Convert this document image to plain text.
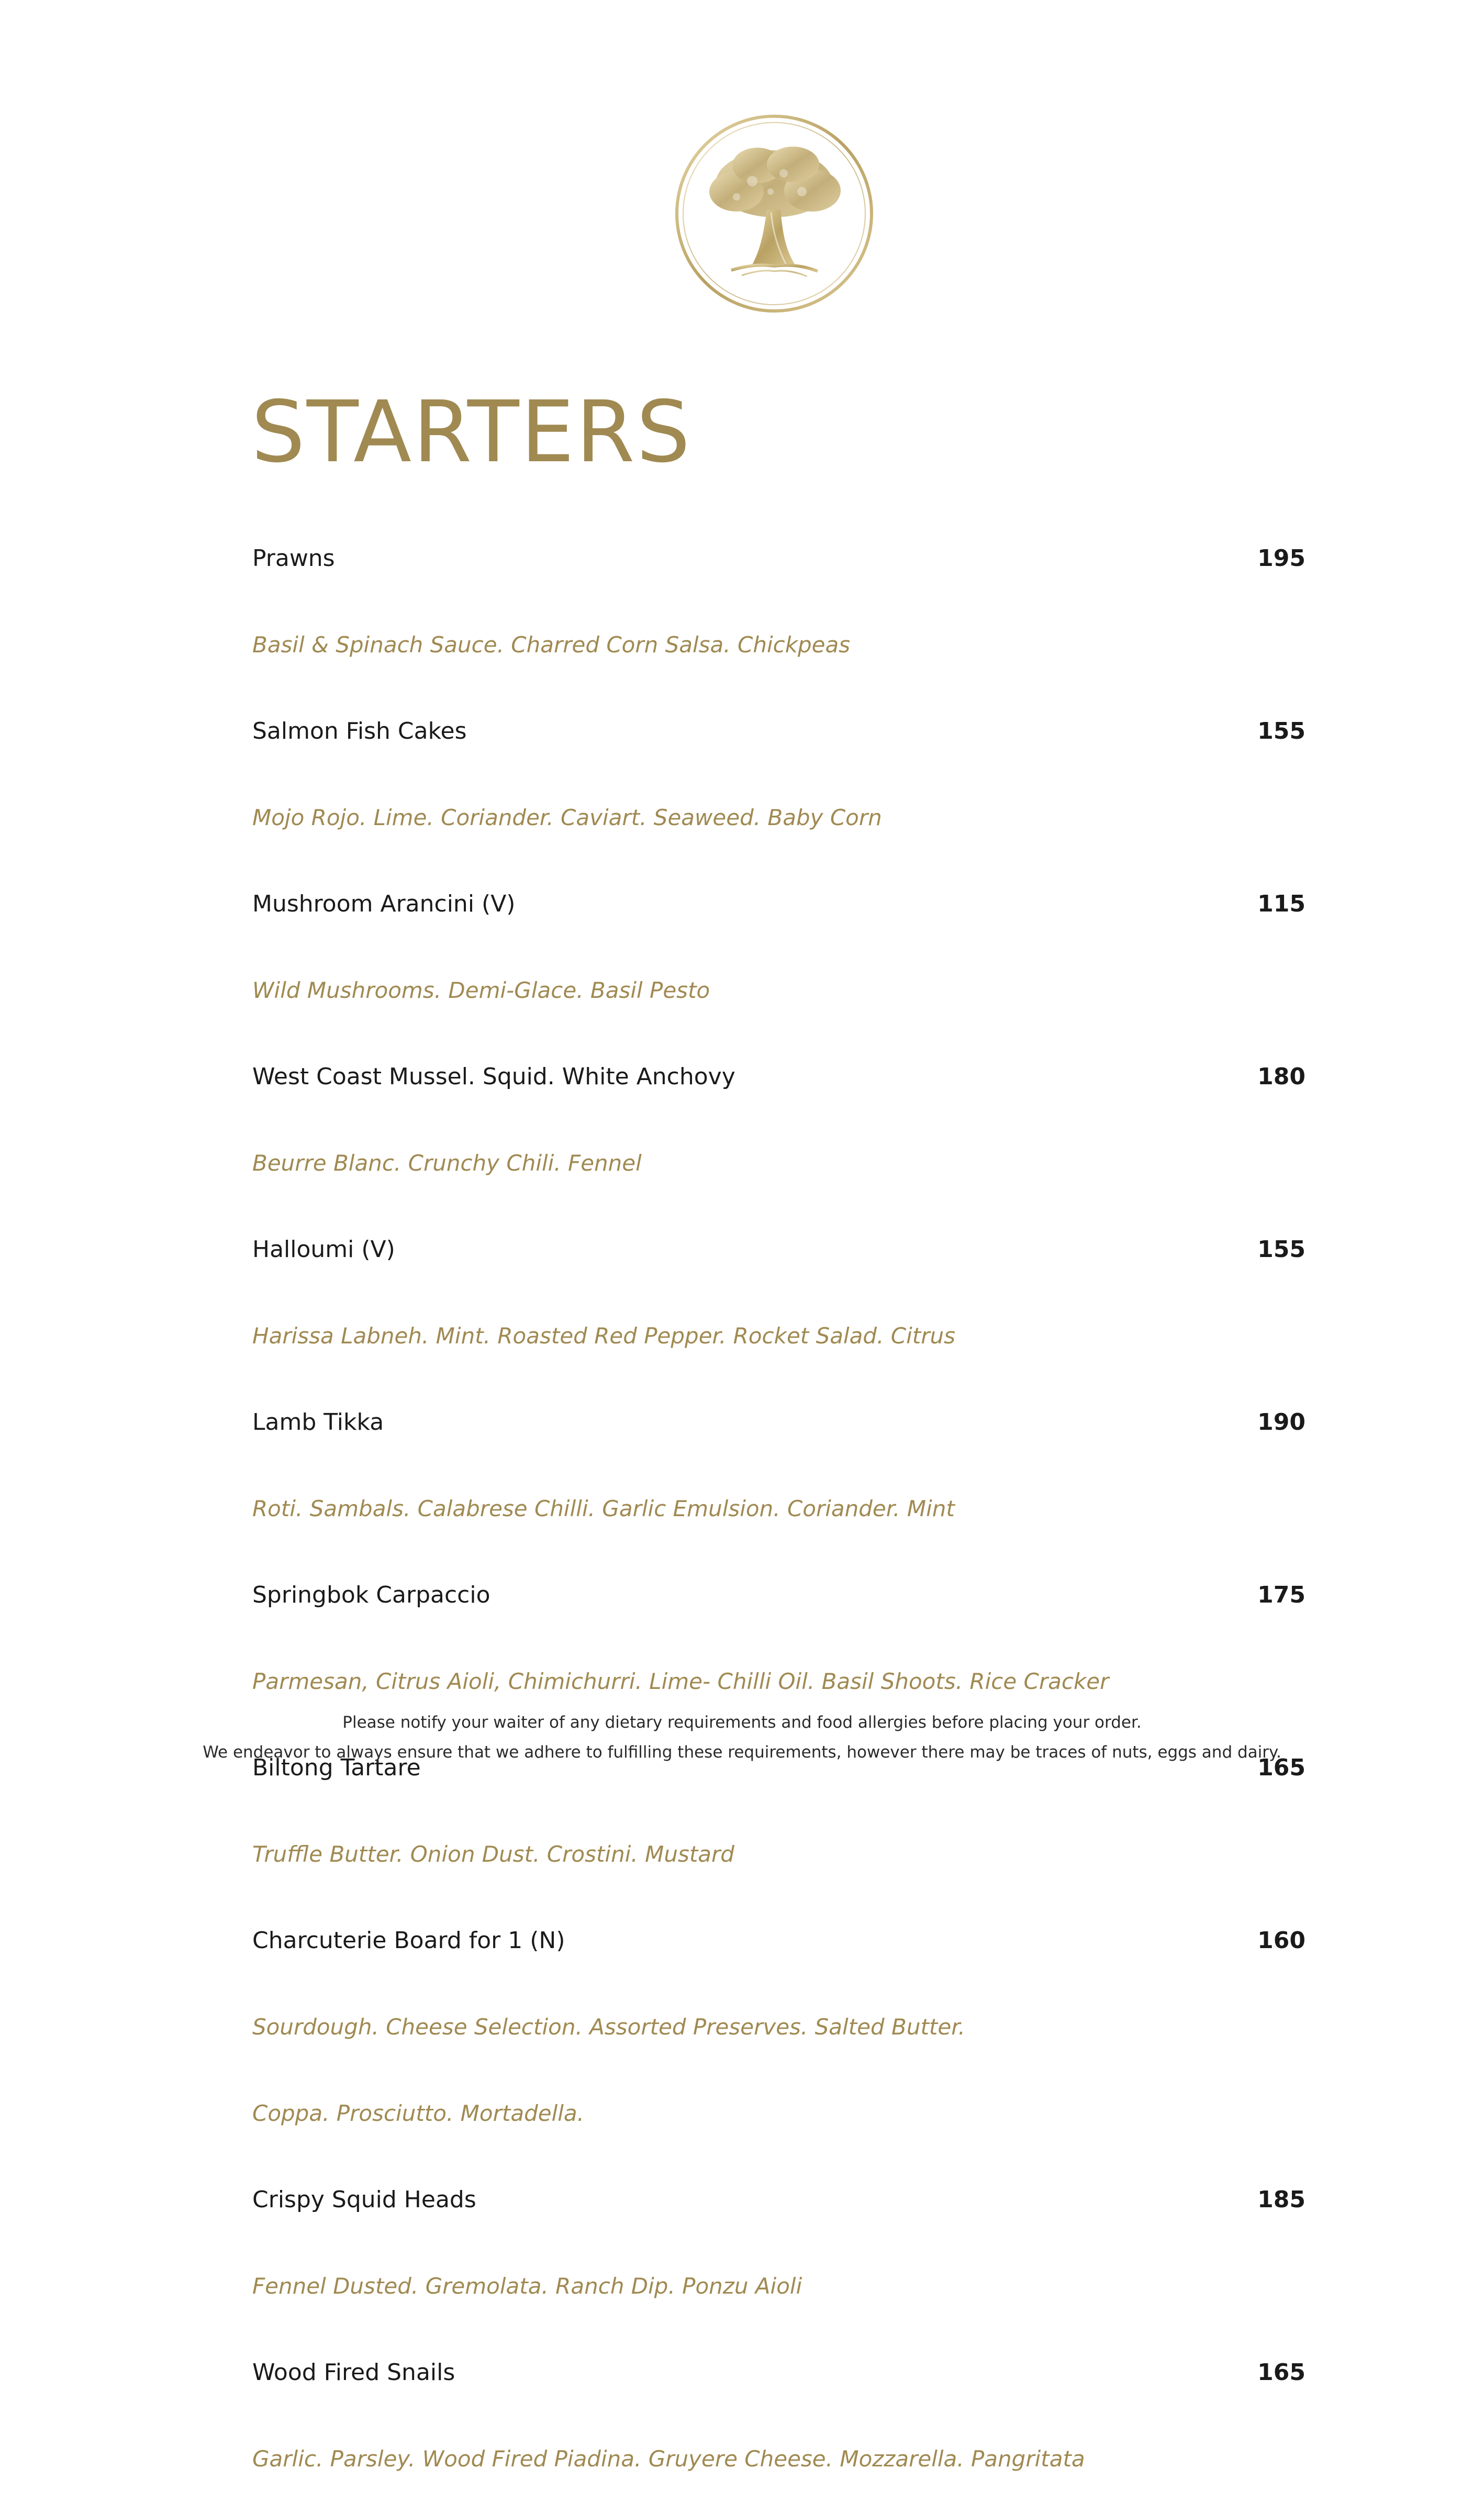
STARTERS
Prawns	195
Basil & Spinach Sauce. Charred Corn Salsa. Chickpeas
Salmon Fish Cakes	155
Mojo Rojo. Lime. Coriander. Caviart. Seaweed. Baby Corn
Mushroom Arancini (V)	115
Wild Mushrooms. Demi-Glace. Basil Pesto
West Coast Mussel. Squid. White Anchovy	180
Beurre Blanc. Crunchy Chili. Fennel
Halloumi (V)	155
Harissa Labneh. Mint. Roasted Red Pepper. Rocket Salad. Citrus
Lamb Tikka	190
Roti. Sambals. Calabrese Chilli. Garlic Emulsion. Coriander. Mint
Springbok Carpaccio	175
Parmesan, Citrus Aioli, Chimichurri. Lime- Chilli Oil. Basil Shoots. Rice Cracker
Biltong Tartare	165
Truffle Butter. Onion Dust. Crostini. Mustard
Charcuterie Board for 1 (N)	160
Sourdough. Cheese Selection. Assorted Preserves. Salted Butter.
Coppa. Prosciutto. Mortadella.
Crispy Squid Heads	185
Fennel Dusted. Gremolata. Ranch Dip. Ponzu Aioli
Wood Fired Snails	165
Garlic. Parsley. Wood Fired Piadina. Gruyere Cheese. Mozzarella. Pangritata

Please notify your waiter of any dietary requirements and food allergies before placing your order.

We endeavor to always ensure that we adhere to fulfilling these requirements, however there may be traces of nuts, eggs and dairy.
